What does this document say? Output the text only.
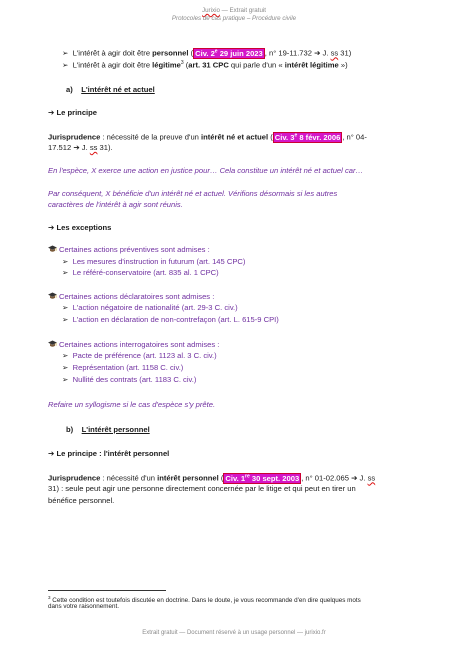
Jurixio — Extrait gratuit
Protocoles de cas pratique – Procédure civile
➢ L'intérêt à agir doit être personnel ( Civ. 2e 29 juin 2023 , n° 19-11.732 ➔ J. ss 31)
➢ L'intérêt à agir doit être légitime$^3$ (art. 31 CPC qui parle d'un « intérêt légitime »)
a) L'intérêt né et actuel
➔ Le principe
Jurisprudence : nécessité de la preuve d'un intérêt né et actuel ( Civ. 3e 8 févr. 2006 , n° 04-
17.512 ➔ J. ss 31).
En l'espèce, X exerce une action en justice pour… Cela constitue un intérêt né et actuel car…
Par conséquent, X bénéficie d'un intérêt né et actuel. Vérifions désormais si les autres
caractères de l'intérêt à agir sont réunis.
➔ Les exceptions
Certaines actions préventives sont admises :
➢ Les mesures d'instruction in futurum (art. 145 CPC)
➢ Le référé-conservatoire (art. 835 al. 1 CPC)
Certaines actions déclaratoires sont admises :
➢ L'action négatoire de nationalité (art. 29-3 C. civ.)
➢ L'action en déclaration de non-contrefaçon (art. L. 615-9 CPI)
Certaines actions interrogatoires sont admises :
➢ Pacte de préférence (art. 1123 al. 3 C. civ.)
➢ Représentation (art. 1158 C. civ.)
➢ Nullité des contrats (art. 1183 C. civ.)
Refaire un syllogisme si le cas d'espèce s'y prête.
b) L'intérêt personnel
➔ Le principe : l'intérêt personnel
Jurisprudence : nécessité d'un intérêt personnel ( Civ. 1re 30 sept. 2003 , n° 01-02.065 ➔ J. ss
31) : seule peut agir une personne directement concernée par le litige et qui peut en tirer un
bénéfice personnel.
$^3$ Cette condition est toutefois discutée en doctrine. Dans le doute, je vous recommande d'en dire quelques mots
dans votre raisonnement.
Extrait gratuit — Document réservé à un usage personnel — jurixio.fr
